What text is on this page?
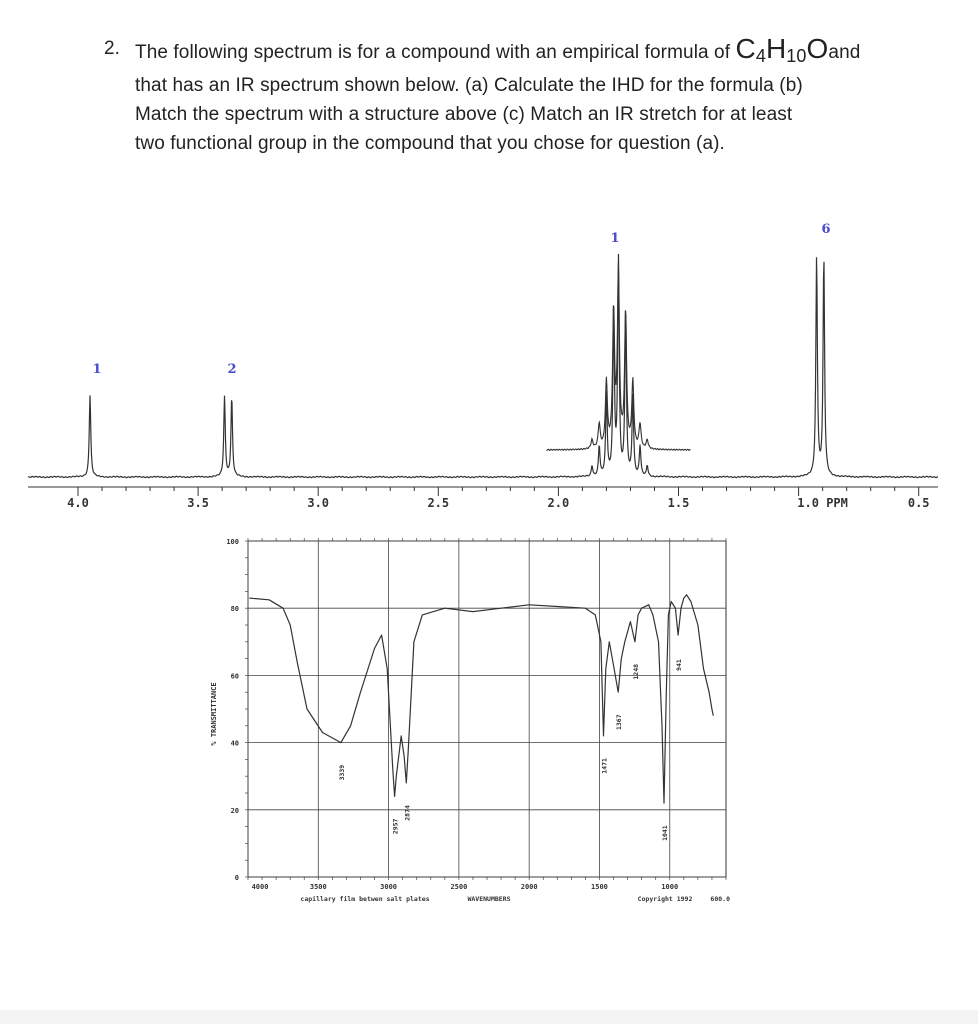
2. The following spectrum is for a compound with an empirical formula of $C_4H_{10}Oand$
that has an IR spectrum shown below. (a) Calculate the IHD for the formula (b)
Match the spectrum with a structure above (c) Match an IR stretch for at least
two functional group in the compound that you chose for question (a).
1	2
1
6
4.0	3.5	3.0	2.5	2.0	1.5	1.0 PPM	0.5
100
80
60
40
20
0
4000	3500	3000	2500	2000	1500	1000
600.0
% TRANSMITTANCE
WAVENUMBERS
capillary film betwen salt plates	Copyright 1992
3339
2957
2874
1471
1367
1248
1041
941
